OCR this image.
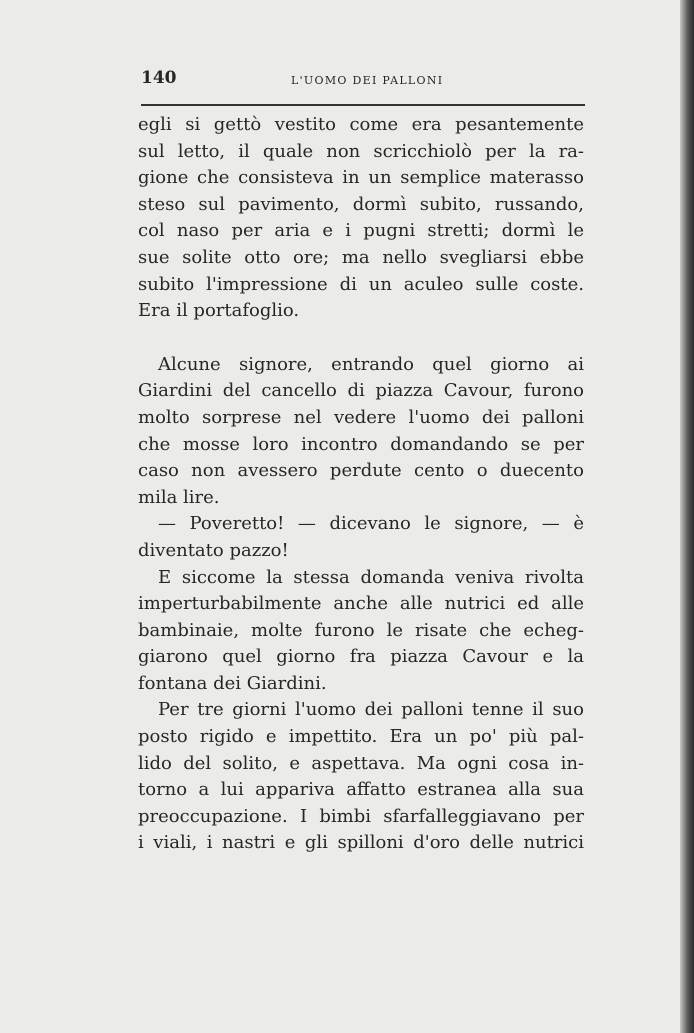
140	L'UOMO DEI PALLONI
egli si gettò vestito come era pesantemente
sul letto, il quale non scricchiolò per la ra-
gione che consisteva in un semplice materasso
steso sul pavimento, dormì subito, russando,
col naso per aria e i pugni stretti; dormì le
sue solite otto ore; ma nello svegliarsi ebbe
subito l'impressione di un aculeo sulle coste.
Era il portafoglio.
Alcune signore, entrando quel giorno ai
Giardini del cancello di piazza Cavour, furono
molto sorprese nel vedere l'uomo dei palloni
che mosse loro incontro domandando se per
caso non avessero perdute cento o duecento
mila lire.
— Poveretto! — dicevano le signore, — è
diventato pazzo!
E siccome la stessa domanda veniva rivolta
imperturbabilmente anche alle nutrici ed alle
bambinaie, molte furono le risate che echeg-
giarono quel giorno fra piazza Cavour e la
fontana dei Giardini.
Per tre giorni l'uomo dei palloni tenne il suo
posto rigido e impettito. Era un po' più pal-
lido del solito, e aspettava. Ma ogni cosa in-
torno a lui appariva affatto estranea alla sua
preoccupazione. I bimbi sfarfalleggiavano per
i viali, i nastri e gli spilloni d'oro delle nutrici
